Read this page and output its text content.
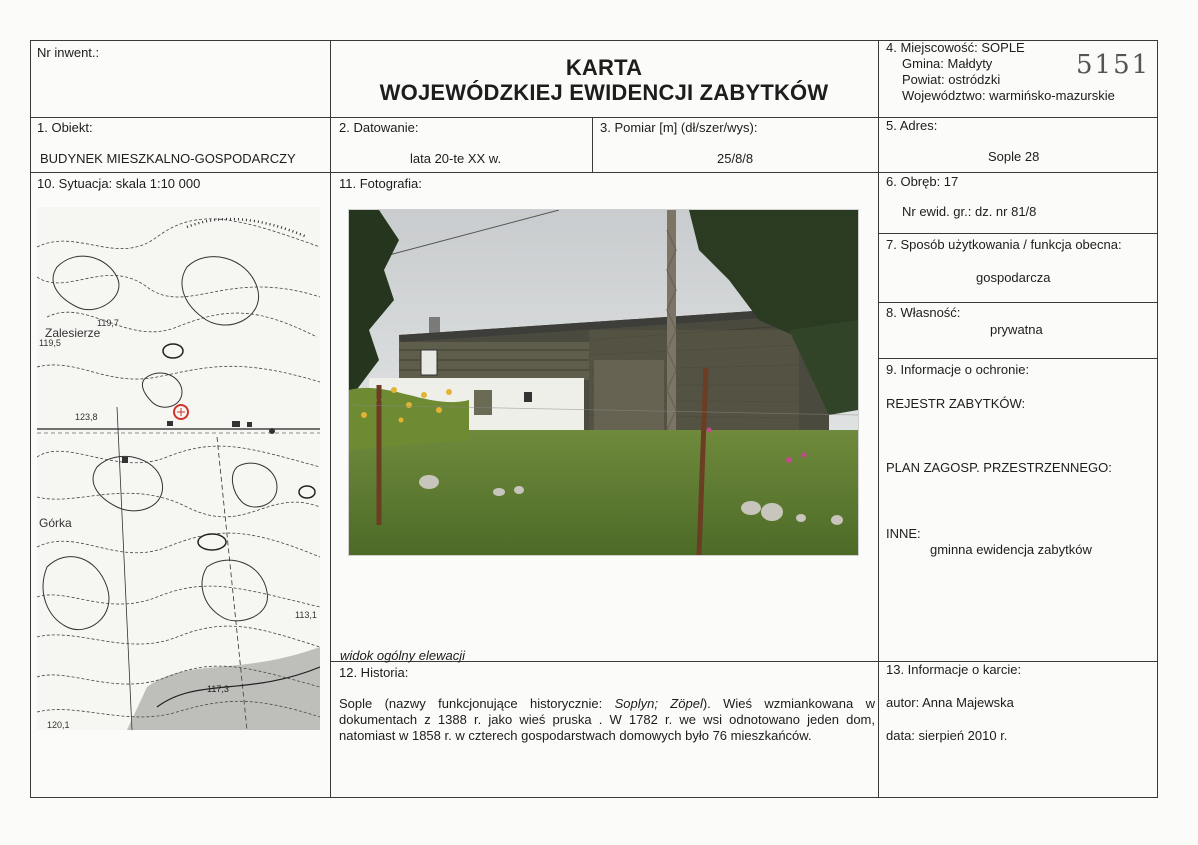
Nr inwent.:
KARTA
WOJEWÓDZKIEJ EWIDENCJI ZABYTKÓW
4. Miejscowość: SOPLE
Gmina: Małdyty
Powiat: ostródzki
Województwo: warmińsko-mazurskie
5151
1. Obiekt:
BUDYNEK MIESZKALNO-GOSPODARCZY
2. Datowanie:
lata 20-te XX w.
3. Pomiar [m] (dł/szer/wys):
25/8/8
5. Adres:
Sople 28
10. Sytuacja: skala 1:10 000	11. Fotografia:	6. Obręb: 17
Nr ewid. gr.: dz. nr 81/8
7. Sposób użytkowania / funkcja obecna:
gospodarcza
8. Własność:
prywatna
9. Informacje o ochronie:
REJESTR ZABYTKÓW:
PLAN ZAGOSP. PRZESTRZENNEGO:
INNE:
gminna ewidencja zabytków
Zalesierze
Górka
119,7
119,5
123,8
117,3
113,1
120,1
widok ogólny elewacji
12. Historia:
Sople (nazwy funkcjonujące historycznie: Soplyn; Zöpel). Wieś wzmiankowana w dokumentach z 1388 r. jako wieś pruska . W 1782 r. we wsi odnotowano jeden dom, natomiast w 1858 r. w czterech gospodarstwach domowych było 76 mieszkańców.
13. Informacje o karcie:
autor: Anna Majewska
data: sierpień 2010 r.
